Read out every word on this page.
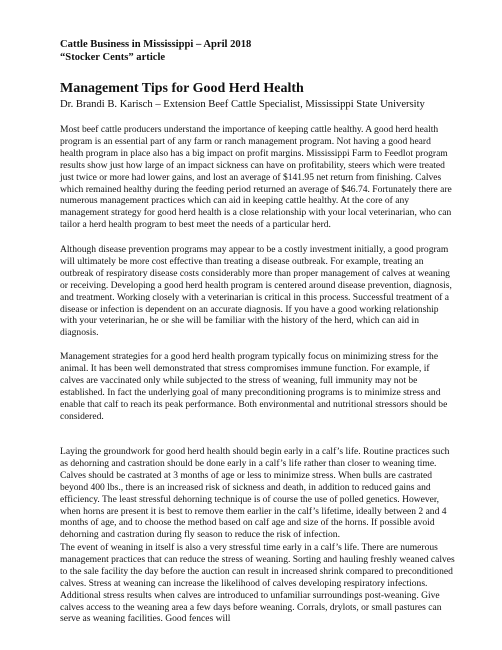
Cattle Business in Mississippi – April 2018
“Stocker Cents” article
Management Tips for Good Herd Health
Dr. Brandi B. Karisch – Extension Beef Cattle Specialist, Mississippi State University

Most beef cattle producers understand the importance of keeping cattle healthy. A good herd health program is an essential part of any farm or ranch management program. Not having a good heard health program in place also has a big impact on profit margins. Mississippi Farm to Feedlot program results show just how large of an impact sickness can have on profitability, steers which were treated just twice or more had lower gains, and lost an average of $141.95 net return from finishing. Calves which remained healthy during the feeding period returned an average of $46.74. Fortunately there are numerous management practices which can aid in keeping cattle healthy. At the core of any management strategy for good herd health is a close relationship with your local veterinarian, who can tailor a herd health program to best meet the needs of a particular herd.

Although disease prevention programs may appear to be a costly investment initially, a good program will ultimately be more cost effective than treating a disease outbreak. For example, treating an outbreak of respiratory disease costs considerably more than proper management of calves at weaning or receiving. Developing a good herd health program is centered around disease prevention, diagnosis, and treatment. Working closely with a veterinarian is critical in this process. Successful treatment of a disease or infection is dependent on an accurate diagnosis. If you have a good working relationship with your veterinarian, he or she will be familiar with the history of the herd, which can aid in diagnosis.

Management strategies for a good herd health program typically focus on minimizing stress for the animal. It has been well demonstrated that stress compromises immune function. For example, if calves are vaccinated only while subjected to the stress of weaning, full immunity may not be established. In fact the underlying goal of many preconditioning programs is to minimize stress and enable that calf to reach its peak performance. Both environmental and nutritional stressors should be considered.

Laying the groundwork for good herd health should begin early in a calf’s life. Routine practices such as dehorning and castration should be done early in a calf’s life rather than closer to weaning time. Calves should be castrated at 3 months of age or less to minimize stress. When bulls are castrated beyond 400 lbs., there is an increased risk of sickness and death, in addition to reduced gains and efficiency. The least stressful dehorning technique is of course the use of polled genetics. However, when horns are present it is best to remove them earlier in the calf’s lifetime, ideally between 2 and 4 months of age, and to choose the method based on calf age and size of the horns. If possible avoid dehorning and castration during fly season to reduce the risk of infection.

The event of weaning in itself is also a very stressful time early in a calf’s life. There are numerous management practices that can reduce the stress of weaning. Sorting and hauling freshly weaned calves to the sale facility the day before the auction can result in increased shrink compared to preconditioned calves. Stress at weaning can increase the likelihood of calves developing respiratory infections. Additional stress results when calves are introduced to unfamiliar surroundings post-weaning. Give calves access to the weaning area a few days before weaning. Corrals, drylots, or small pastures can serve as weaning facilities. Good fences will
